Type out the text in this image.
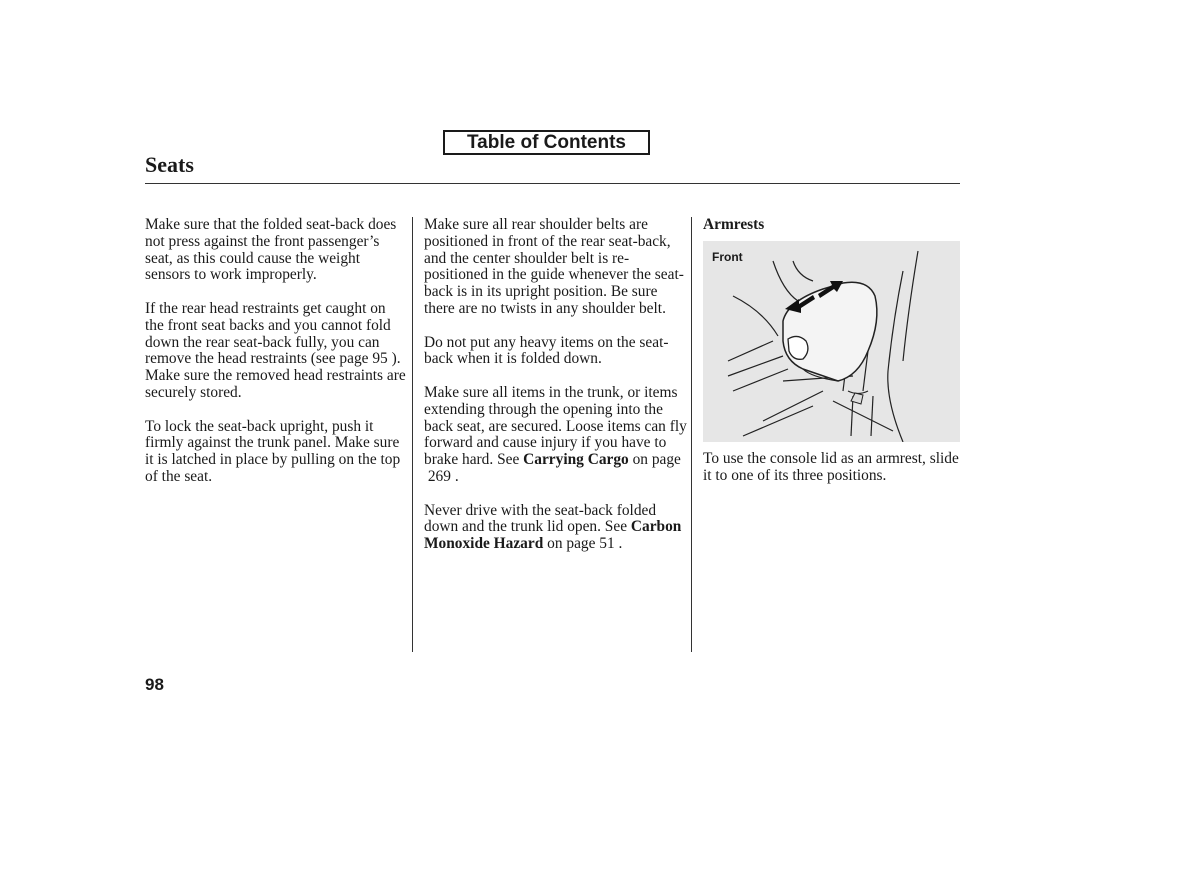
Table of Contents
Seats

Make sure that the folded seat-back does not press against the front passenger’s seat, as this could cause the weight sensors to work improperly.

If the rear head restraints get caught on the front seat backs and you cannot fold down the rear seat-back fully, you can remove the head restraints (see page 95 ).

Make sure the removed head restraints are securely stored.

To lock the seat-back upright, push it firmly against the trunk panel. Make sure it is latched in place by pulling on the top of the seat.

Make sure all rear shoulder belts are positioned in front of the rear seat-back, and the center shoulder belt is re-positioned in the guide whenever the seat-back is in its upright position. Be sure there are no twists in any shoulder belt.

Do not put any heavy items on the seat-back when it is folded down.

Make sure all items in the trunk, or items extending through the opening into the back seat, are secured. Loose items can fly forward and cause injury if you have to brake hard. See Carrying Cargo on page
269 .

Never drive with the seat-back folded down and the trunk lid open. See Carbon Monoxide Hazard on page 51 .

Armrests
Front
To use the console lid as an armrest, slide it to one of its three positions.
98
